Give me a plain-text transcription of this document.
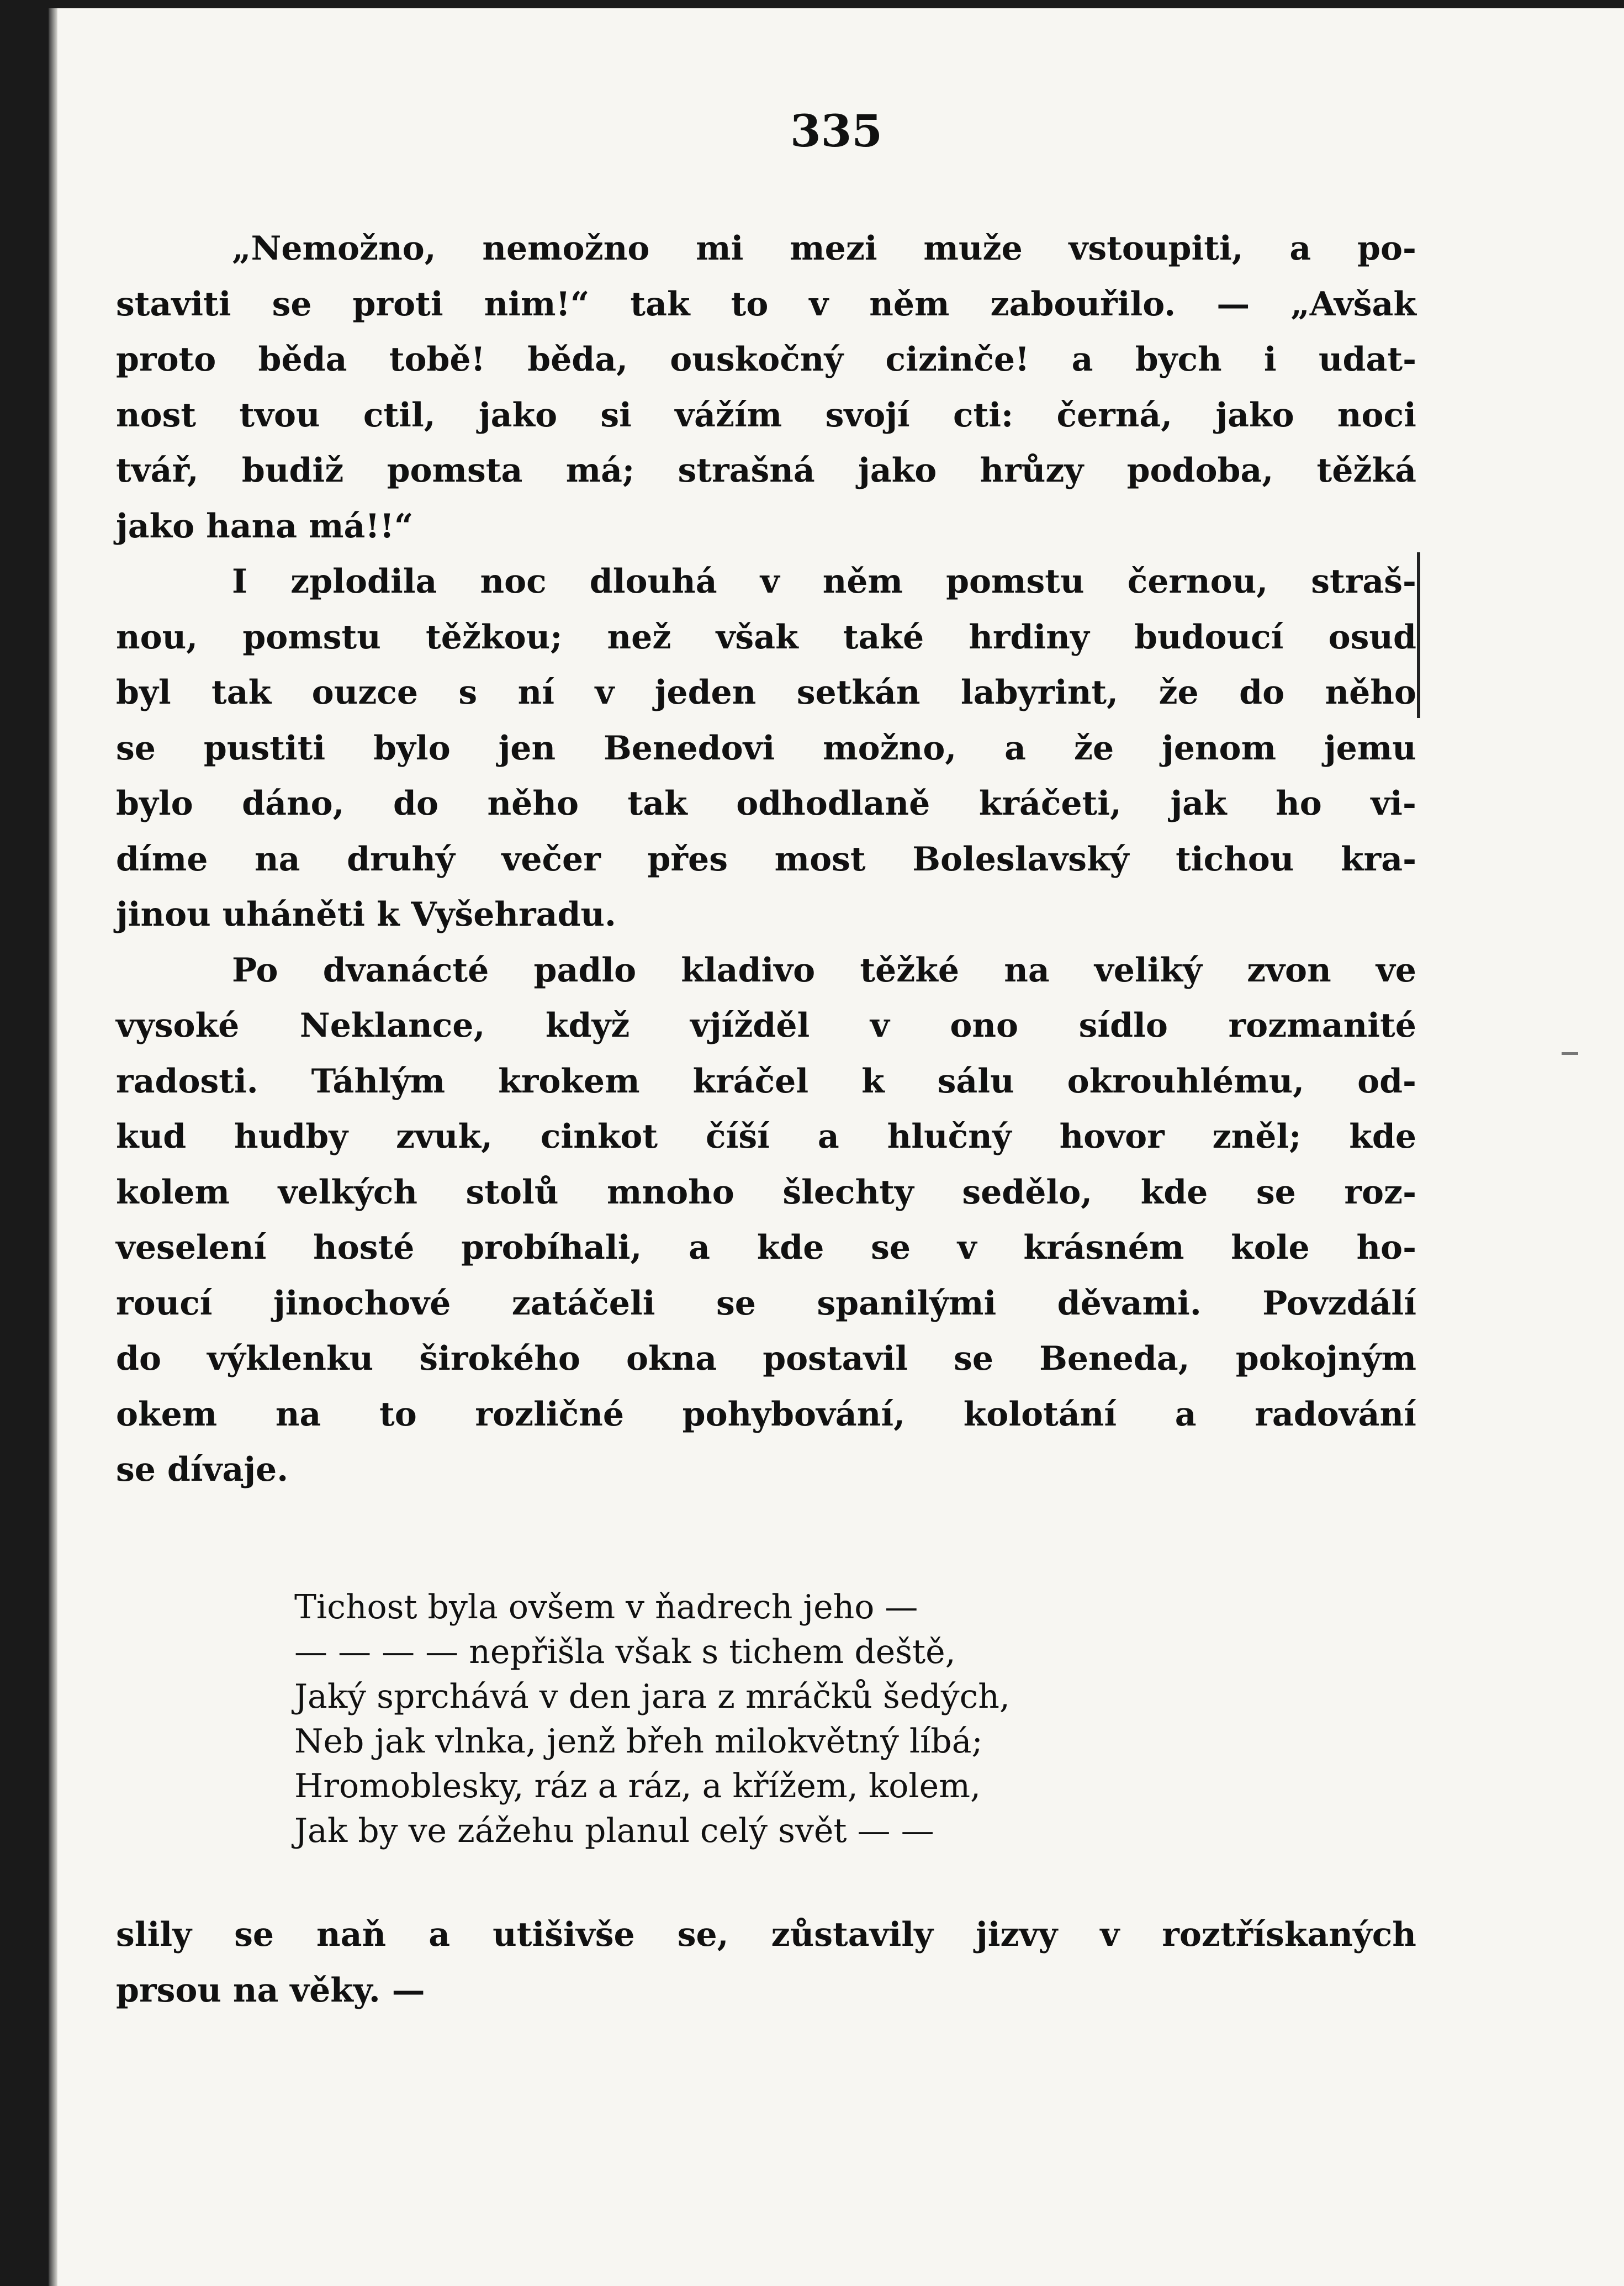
335
„Nemožno, nemožno mi mezi muže vstoupiti, a po-
staviti se proti nim!“ tak to v něm zabouřilo. — „Avšak
proto běda tobě! běda, ouskočný cizinče! a bych i udat-
nost tvou ctil, jako si vážím svojí cti: černá, jako noci
tvář, budiž pomsta má; strašná jako hrůzy podoba, těžká
jako hana má!!“
I zplodila noc dlouhá v něm pomstu černou, straš-
nou, pomstu těžkou; než však také hrdiny budoucí osud
byl tak ouzce s ní v jeden setkán labyrint, že do něho
se pustiti bylo jen Benedovi možno, a že jenom jemu
bylo dáno, do něho tak odhodlaně kráčeti, jak ho vi-
díme na druhý večer přes most Boleslavský tichou kra-
jinou uháněti k Vyšehradu.
Po dvanácté padlo kladivo těžké na veliký zvon ve
vysoké Neklance, když vjížděl v ono sídlo rozmanité
radosti. Táhlým krokem kráčel k sálu okrouhlému, od-
kud hudby zvuk, cinkot číší a hlučný hovor zněl; kde
kolem velkých stolů mnoho šlechty sedělo, kde se roz-
veselení hosté probíhali, a kde se v krásném kole ho-
roucí jinochové zatáčeli se spanilými děvami. Povzdálí
do výklenku širokého okna postavil se Beneda, pokojným
okem na to rozličné pohybování, kolotání a radování
se dívaje.
Tichost byla ovšem v ňadrech jeho —
— — — — nepřišla však s tichem deště,
Jaký sprchává v den jara z mráčků šedých,
Neb jak vlnka, jenž břeh milokvětný líbá;
Hromoblesky, ráz a ráz, a křížem, kolem,
Jak by ve zážehu planul celý svět — —
slily se naň a utišivše se, zůstavily jizvy v roztřískaných
prsou na věky. —
